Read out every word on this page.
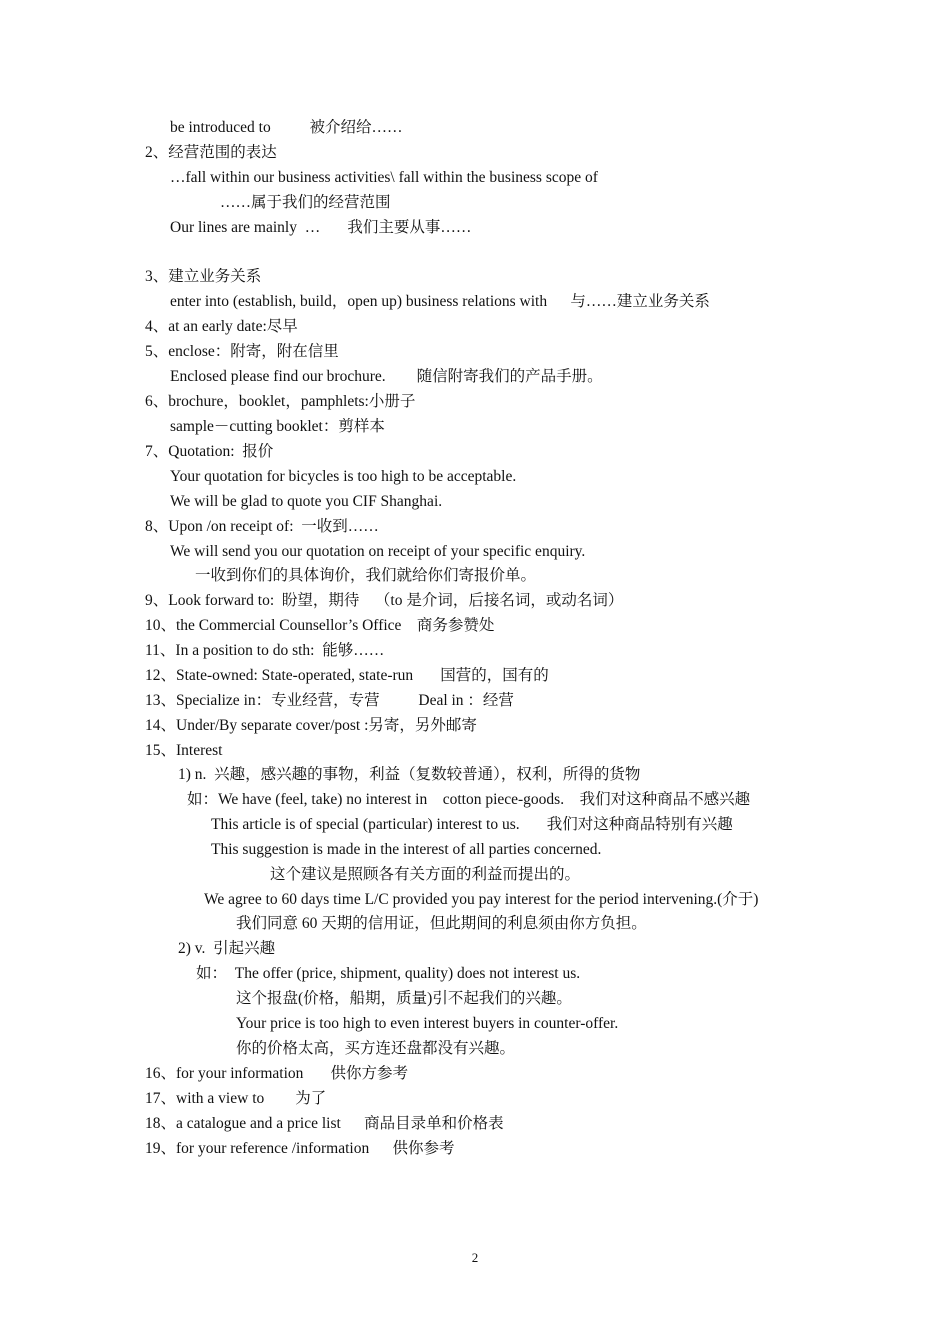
be introduced to          被介绍给……
2、经营范围的表达
…fall within our business activities\ fall within the business scope of
……属于我们的经营范围
Our lines are mainly  …       我们主要从事……
3、建立业务关系
enter into (establish, build，open up) business relations with      与……建立业务关系
4、at an early date:尽早
5、enclose：附寄，附在信里
Enclosed please find our brochure.        随信附寄我们的产品手册。
6、brochure，booklet，pamphlets:小册子
sample－cutting booklet：剪样本
7、Quotation:  报价
Your quotation for bicycles is too high to be acceptable.
We will be glad to quote you CIF Shanghai.
8、Upon /on receipt of:  一收到……
We will send you our quotation on receipt of your specific enquiry.
一收到你们的具体询价，我们就给你们寄报价单。
9、Look forward to:  盼望，期待    （to 是介词，后接名词，或动名词）
10、the Commercial Counsellor’s Office    商务参赞处
11、In a position to do sth:  能够……
12、State-owned: State-operated, state-run       国营的，国有的
13、Specialize in：专业经营，专营          Deal in ：经营
14、Under/By separate cover/post :另寄，另外邮寄
15、Interest
1) n.  兴趣，感兴趣的事物，利益（复数较普通），权利，所得的货物
如：We have (feel, take) no interest in    cotton piece-goods.    我们对这种商品不感兴趣
This article is of special (particular) interest to us.       我们对这种商品特别有兴趣
This suggestion is made in the interest of all parties concerned.
这个建议是照顾各有关方面的利益而提出的。
We agree to 60 days time L/C provided you pay interest for the period intervening.(介于)
我们同意 60 天期的信用证，但此期间的利息须由你方负担。
2) v.  引起兴趣
如：  The offer (price, shipment, quality) does not interest us.
这个报盘(价格，船期，质量)引不起我们的兴趣。
Your price is too high to even interest buyers in counter-offer.
你的价格太高，买方连还盘都没有兴趣。
16、for your information       供你方参考
17、with a view to        为了
18、a catalogue and a price list      商品目录单和价格表
19、for your reference /information      供你参考
2
